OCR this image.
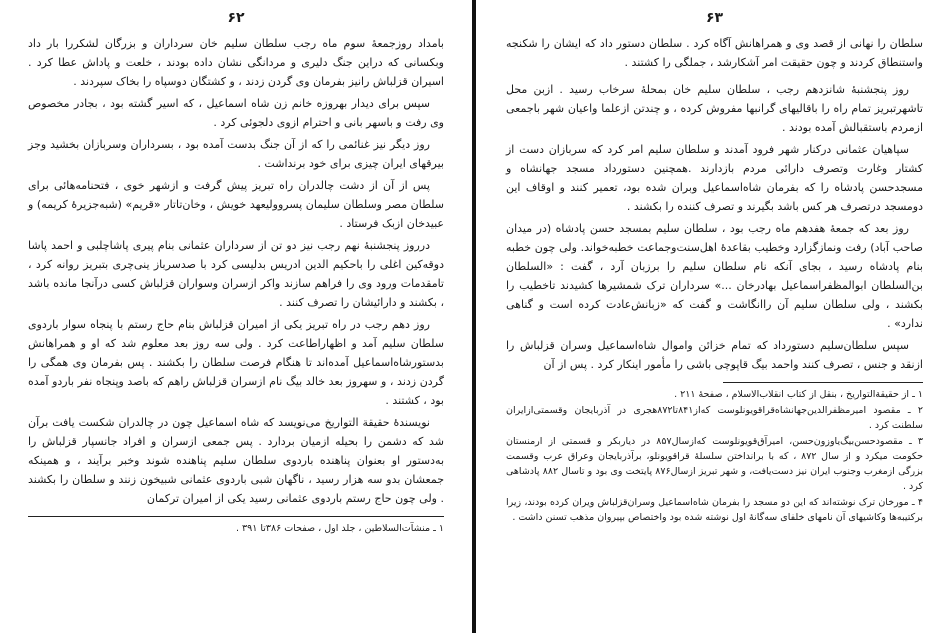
۶۲

بامداد روزجمعهٔ سوم ماه رجب سلطان سلیم خان سرداران و بزرگان لشکررا بار داد وبکسانی که دراین جنگ دلیری و مردانگی نشان داده بودند ، خلعت و پاداش عطا کرد . اسیران قزلباش رانیز بفرمان وی گردن زدند ، و کشتگان دوسپاه را بخاک سپردند .

سپس برای دیدار بهروزه خانم زن شاه اسماعیل ، که اسیر گشته بود ، بجادر مخصوص وی رفت و باسهر بانی و احترام ازوی دلجوئی کرد .

روز دیگر نیز غنائمی را که از آن جنگ بدست آمده بود ، بسرداران وسربازان بخشید وجز بیرقهای ایران چیزی برای خود برنداشت .

پس از آن از دشت چالدران راه تبریز پیش گرفت و ازشهر خوی ، فتحنامه‌هائی برای سلطان مصر وسلطان سلیمان پسرووليعهد خويش ، وخان‌تاتار «قريم» (شبه‌جزيرهٔ کریمه) و عبیدخان ازبک فرستاد .

درروز پنجشنبهٔ نهم رجب نیز دو تن از سرداران عثمانی بنام پیری پاشاچلبی و احمد پاشا دوقه‌کین اغلی را باحکیم الدین ادریس بدلیسی کرد با صدسرباز ینی‌چری بتبریز روانه کرد ، تامقدمات ورود وی را فراهم سازند واکر ازسران وسواران قزلباش کسی درآنجا مانده باشد ، بکشند و دارائیشان را تصرف کنند .

روز دهم رجب در راه تبریز یکی از امیران قزلباش بنام حاج رستم با پنجاه سوار باردوی سلطان سلیم آمد و اظهاراطاعت کرد . ولی سه روز بعد معلوم شد که او و همراهانش بدستورشاه‌اسماعیل آمده‌اند تا هنگام فرصت سلطان را بکشند . پس بفرمان وی همگی را گردن زدند ، و سهروز بعد خالد بیگ نام ازسران قزلباش راهم که باصد وپنجاه نفر باردو آمده بود ، کشتند .

نویسندهٔ حقیقة التواریخ می‌نویسد که شاه اسماعیل چون در چالدران شکست یافت برآن شد که دشمن را بحیله ازمیان بردارد . پس جمعی ازسران و افراد جانسپار قزلباش را به‌دستور او بعنوان پناهنده باردوی سلطان سلیم پناهنده شوند وخبر برآیند ، و همینکه جمعشان بدو سه هزار رسید ، ناگهان شبی باردوی عثمانی شبیخون زنند و سلطان را بکشند . ولی چون حاج رستم باردوی عثمانی رسید یکی از امیران ترکمان

۱ ـ منشآت‌السلاطین ، جلد اول ، صفحات ۳۸۶تا ۳۹۱ .

۶۳

سلطان را نهانی از قصد وی و همراهانش آگاه کرد . سلطان دستور داد که ایشان را شکنجه واستنطاق کردند و چون حقیقت امر آشکارشد ، جملگی را کشتند .

روز پنجشنبهٔ شانزدهم رجب ، سلطان سلیم خان بمحلهٔ سرخاب رسید . ازبن محل تاشهرتبریز تمام راه را باقالیهای گرانبها مفروش کرده ، و چندتن ازعلما واعیان شهر باجمعی ازمردم باستقبالش آمده بودند .

سپاهیان عثمانی درکنار شهر فرود آمدند و سلطان سلیم امر کرد که سربازان دست از کشتار وغارت وتصرف دارائی مردم بازدارند .همچنین دستورداد مسجد جهانشاه و مسجدحسن پادشاه را که بفرمان شاه‌اسماعیل وبران شده بود، تعمیر کنند و اوقاف این دومسجد درتصرف هر کس باشد بگیرند و تصرف کننده را بکشند .

روز بعد که جمعهٔ هفدهم ماه رجب بود ، سلطان سلیم بمسجد حسن پادشاه (در میدان صاحب آباد) رفت ونمازگزارد وخطیب بقاعدهٔ اهل‌سنت‌وجماعت خطبه‌خواند. ولی چون خطبه بنام پادشاه رسید ، بجای آنکه نام سلطان سلیم را برزبان آرد ، گفت : «السلطان بن‌السلطان ابوالمظفراسماعیل بهادرخان ...» سرداران ترک شمشیرها کشیدند تاخطیب را بکشند ، ولی سلطان سلیم آن راانگاشت و گفت که «زبانش‌عادت کرده است و گناهی ندارد» .

سپس سلطان‌سلیم دستورداد که تمام خزائن واموال شاه‌اسماعیل وسران قزلباش را ازنقد و جنس ، تصرف کنند واحمد بیگ قاپوچی باشی را مأمور اینکار کرد . پس از آن

۱ ـ از حقیقة‌التواریخ ، بنقل از کتاب انقلاب‌الاسلام ، صفحهٔ ۲۱۱ .

۲ ـ مقصود امیرمظفرالدین‌جهانشاه‌قراقویونلوست که‌از۸۴۱تا۸۷۲هجری در آذربایجان وقسمتی‌ازایران سلطنت کرد .

۳ ـ مقصودحسن‌بیگ‌یاوزون‌حسن‌، امیرآق‌قویونلوست که‌از‌سال۸۵۷ در دیاربکر و قسمتی از ارمنستان حکومت میکرد و از سال ۸۷۲ ، که با برانداختن سلسلهٔ قراقویونلو، برآذربایجان وعراق عرب وقسمت بزرگی ازمغرب وجنوب ایران نیز دست‌یافت، و شهر تبریز ازسال۸۷۶ پایتخت وی بود و تاسال ۸۸۲ پادشاهی کرد .

۴ ـ مورخان ترک نوشته‌اند که این دو مسجد را بفرمان شاه‌اسماعیل و‌سران‌قزلباش ویران کرده بودند، زیرا برکتیبه‌ها وکاشیهای آن نامهای خلفای سه‌گانهٔ اول نوشته شده بود واختصاص بپیروان مذهب تسنن داشت .
